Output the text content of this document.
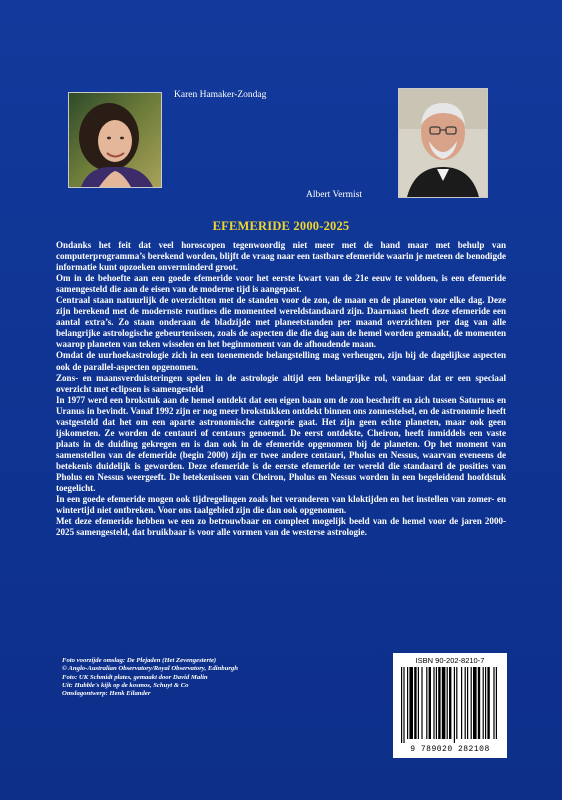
Karen Hamaker-Zondag
Albert Vermist
EFEMERIDE 2000-2025

Ondanks het feit dat veel horoscopen tegenwoordig niet meer met de hand maar met behulp van computerprogramma’s berekend worden, blijft de vraag naar een tastbare efemeride waarin je meteen de benodigde informatie kunt opzoeken onverminderd groot.

Om in de behoefte aan een goede efemeride voor het eerste kwart van de 21e eeuw te voldoen, is een efemeride samengesteld die aan de eisen van de moderne tijd is aangepast.

Centraal staan natuurlijk de overzichten met de standen voor de zon, de maan en de planeten voor elke dag. Deze zijn berekend met de modernste routines die momenteel wereldstandaard zijn. Daarnaast heeft deze efemeride een aantal extra’s. Zo staan onderaan de bladzijde met planeetstanden per maand overzichten per dag van alle belangrijke astrologische gebeurtenissen, zoals de aspecten die die dag aan de hemel worden gemaakt, de momenten waarop planeten van teken wisselen en het beginmoment van de afhoudende maan.

Omdat de uurhoekastrologie zich in een toenemende belangstelling mag verheugen, zijn bij de dagelijkse aspecten ook de parallel-aspecten opgenomen.

Zons- en maansverduisteringen spelen in de astrologie altijd een belangrijke rol, vandaar dat er een speciaal overzicht met eclipsen is samengesteld

In 1977 werd een brokstuk aan de hemel ontdekt dat een eigen baan om de zon beschrift en zich tussen Saturnus en Uranus in bevindt. Vanaf 1992 zijn er nog meer brokstukken ontdekt binnen ons zonnestelsel, en de astronomie heeft vastgesteld dat het om een aparte astronomische categorie gaat. Het zijn geen echte planeten, maar ook geen ijskometen. Ze worden de centauri of centaurs genoemd. De eerst ontdekte, Cheiron, heeft inmiddels een vaste plaats in de duiding gekregen en is dan ook in de efemeride opgenomen bij de planeten. Op het moment van samenstellen van de efemeride (begin 2000) zijn er twee andere centauri, Pholus en Nessus, waarvan eveneens de betekenis duidelijk is geworden. Deze efemeride is de eerste efemeride ter wereld die standaard de posities van Pholus en Nessus weergeeft. De betekenissen van Cheiron, Pholus en Nessus worden in een begeleidend hoofdstuk toegelicht.

In een goede efemeride mogen ook tijdregelingen zoals het veranderen van kloktijden en het instellen van zomer- en wintertijd niet ontbreken. Voor ons taalgebied zijn die dan ook opgenomen.

Met deze efemeride hebben we een zo betrouwbaar en compleet mogelijk beeld van de hemel voor de jaren 2000-2025 samengesteld, dat bruikbaar is voor alle vormen van de westerse astrologie.

Foto voorzijde omslag: De Plejaden (Het Zevengesterte)
© Anglo-Australian Observatory/Royal Observatory, Edinburgh
Foto: UK Schmidt plates, gemaakt door David Malin
Uit: Hubble's kijk op de kosmos, Schuyt & Co
Omslagontwerp: Henk Eilander
ISBN 90-202-8210-7
9 789020 282108
